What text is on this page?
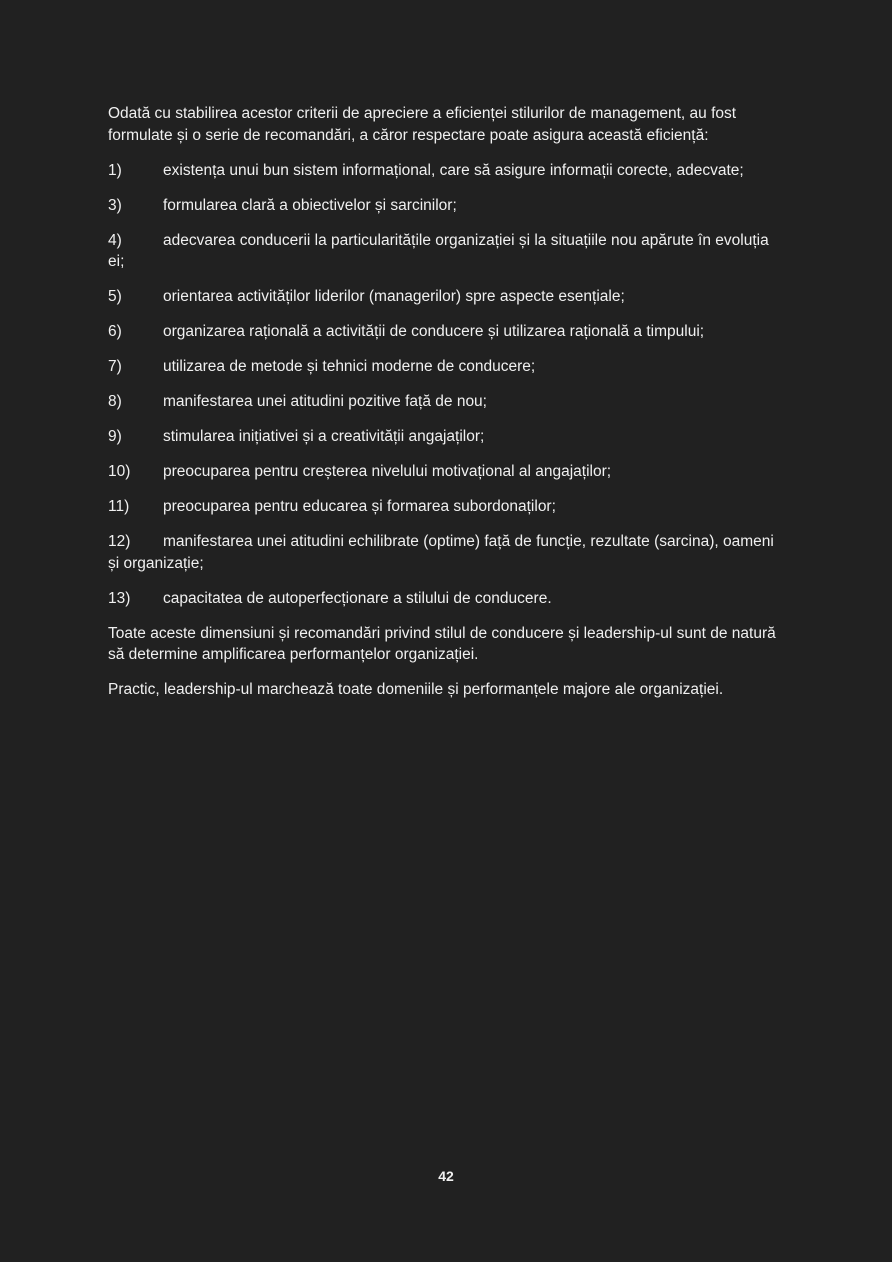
Odată cu stabilirea acestor criterii de apreciere a eficienței stilurilor de management, au fost formulate și o serie de recomandări, a căror respectare poate asigura această eficiență:

1)	existența unui bun sistem informațional, care să asigure informații corecte, adecvate;

3)	formularea clară a obiectivelor și sarcinilor;

4)	adecvarea conducerii la particularitățile organizației și la situațiile nou apărute în evoluția ei;

5)	orientarea activităților liderilor (managerilor) spre aspecte esențiale;

6)	organizarea rațională a activității de conducere și utilizarea rațională a timpului;

7)	utilizarea de metode și tehnici moderne de conducere;

8)	manifestarea unei atitudini pozitive față de nou;

9)	stimularea inițiativei și a creativității angajaților;

10) preocuparea pentru creșterea nivelului motivațional al angajaților;

11) preocuparea pentru educarea și formarea subordonaților;

12) manifestarea unei atitudini echilibrate (optime) față de funcție, rezultate (sarcina), oameni și organizație;

13) capacitatea de autoperfecționare a stilului de conducere.

Toate aceste dimensiuni și recomandări privind stilul de conducere și leadership-ul sunt de natură să determine amplificarea performanțelor organizației.

Practic, leadership-ul marchează toate domeniile și performanțele majore ale organizației.

42
